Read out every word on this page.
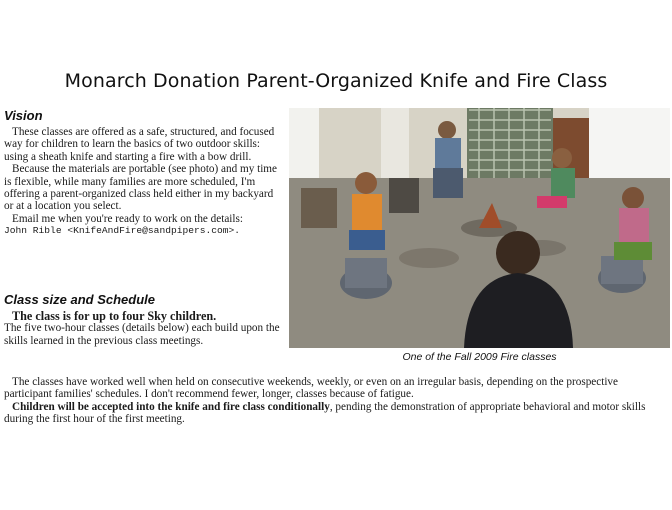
Monarch Donation Parent-Organized Knife and Fire Class
Vision

These classes are offered as a safe, structured, and focused way for children to learn the basics of two outdoor skills: using a sheath knife and starting a fire with a bow drill.

Because the materials are portable (see photo) and my time is flexible, while many families are more scheduled, I'm offering a parent-organized class held either in my backyard or at a location you select.

Email me when you're ready to work on the details:

John Rible <KnifeAndFire@sandpipers.com>.
Class size and Schedule

The class is for up to four Sky children.

The five two-hour classes (details below) each build upon the skills learned in the previous class meetings.

One of the Fall 2009 Fire classes

The classes have worked well when held on consecutive weekends, weekly, or even on an irregular basis, depending on the prospective participant families' schedules. I don't recommend fewer, longer, classes because of fatigue.

Children will be accepted into the knife and fire class conditionally, pending the demonstration of appropriate behavioral and motor skills during the first hour of the first meeting.
